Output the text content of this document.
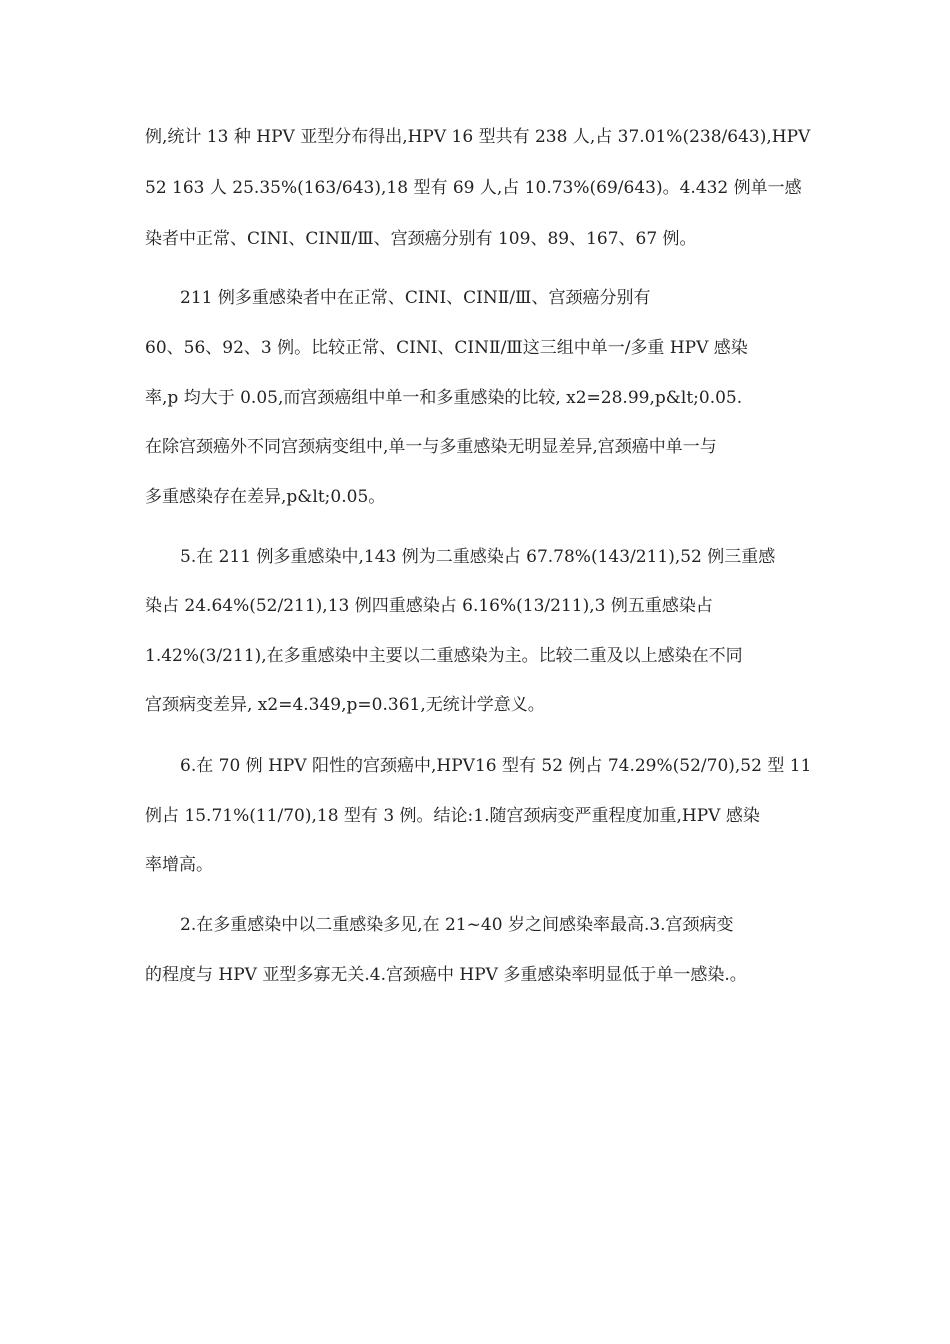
例,统计 13 种 HPV 亚型分布得出,HPV 16 型共有 238 人,占 37.01%(238/643),HPV
52 163 人 25.35%(163/643),18 型有 69 人,占 10.73%(69/643)。4.432 例单一感
染者中正常、CINⅠ、CINⅡ/Ⅲ、宫颈癌分别有 109、89、167、67 例。
211 例多重感染者中在正常、CINⅠ、CINⅡ/Ⅲ、宫颈癌分别有
60、56、92、3 例。比较正常、CINⅠ、CINⅡ/Ⅲ这三组中单一/多重 HPV 感染
率,p 均大于 0.05,而宫颈癌组中单一和多重感染的比较, x2=28.99,p&lt;0.05.
在除宫颈癌外不同宫颈病变组中,单一与多重感染无明显差异,宫颈癌中单一与
多重感染存在差异,p&lt;0.05。
5.在 211 例多重感染中,143 例为二重感染占 67.78%(143/211),52 例三重感
染占 24.64%(52/211),13 例四重感染占 6.16%(13/211),3 例五重感染占
1.42%(3/211),在多重感染中主要以二重感染为主。比较二重及以上感染在不同
宫颈病变差异, x2=4.349,p=0.361,无统计学意义。
6.在 70 例 HPV 阳性的宫颈癌中,HPV16 型有 52 例占 74.29%(52/70),52 型 11
例占 15.71%(11/70),18 型有 3 例。结论:1.随宫颈病变严重程度加重,HPV 感染
率增高。
2.在多重感染中以二重感染多见,在 21~40 岁之间感染率最高.3.宫颈病变
的程度与 HPV 亚型多寡无关.4.宫颈癌中 HPV 多重感染率明显低于单一感染.。
